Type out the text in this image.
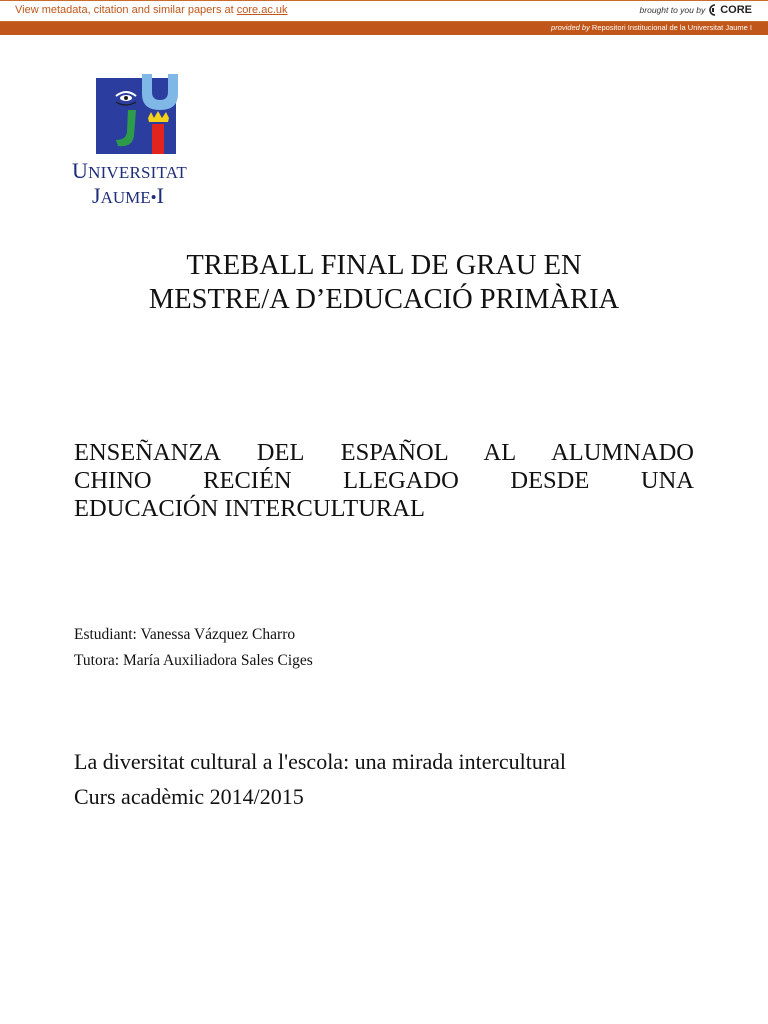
View metadata, citation and similar papers at core.ac.uk	brought to you by CORE
provided by Repositori Institucional de la Universitat Jaume I
UNIVERSITAT
JAUME•I
TREBALL FINAL DE GRAU EN
MESTRE/A D’EDUCACIÓ PRIMÀRIA
ENSEÑANZA DEL ESPAÑOL AL ALUMNADO
CHINO RECIÉN LLEGADO DESDE UNA
EDUCACIÓN INTERCULTURAL
Estudiant: Vanessa Vázquez Charro
Tutora: María Auxiliadora Sales Ciges
La diversitat cultural a l'escola: una mirada intercultural
Curs acadèmic 2014/2015
